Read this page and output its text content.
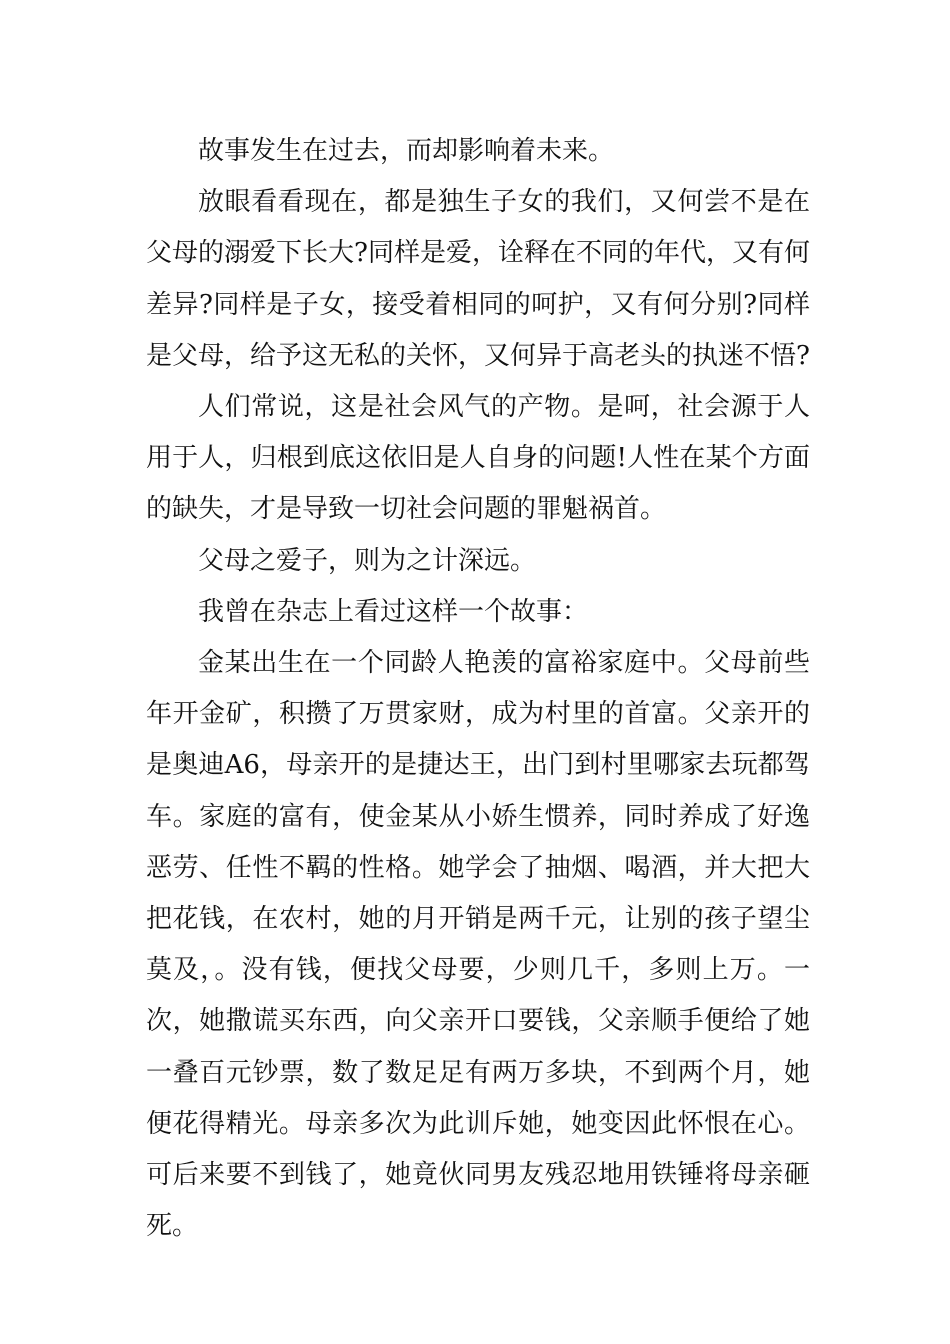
故事发生在过去，而却影响着未来。

放眼看看现在，都是独生子女的我们，又何尝不是在父母的溺爱下长大?同样是爱，诠释在不同的年代，又有何差异?同样是子女，接受着相同的呵护，又有何分别?同样是父母，给予这无私的关怀，又何异于高老头的执迷不悟?

人们常说，这是社会风气的产物。是呵，社会源于人用于人，归根到底这依旧是人自身的问题!人性在某个方面的缺失，才是导致一切社会问题的罪魁祸首。

父母之爱子，则为之计深远。

我曾在杂志上看过这样一个故事：

金某出生在一个同龄人艳羡的富裕家庭中。父母前些年开金矿，积攒了万贯家财，成为村里的首富。父亲开的是奥迪A6，母亲开的是捷达王，出门到村里哪家去玩都驾车。家庭的富有，使金某从小娇生惯养，同时养成了好逸恶劳、任性不羁的性格。她学会了抽烟、喝酒，并大把大把花钱，在农村，她的月开销是两千元，让别的孩子望尘莫及，。没有钱，便找父母要，少则几千，多则上万。一次，她撒谎买东西，向父亲开口要钱，父亲顺手便给了她一叠百元钞票，数了数足足有两万多块，不到两个月，她便花得精光。母亲多次为此训斥她，她变因此怀恨在心。可后来要不到钱了，她竟伙同男友残忍地用铁锤将母亲砸死。
